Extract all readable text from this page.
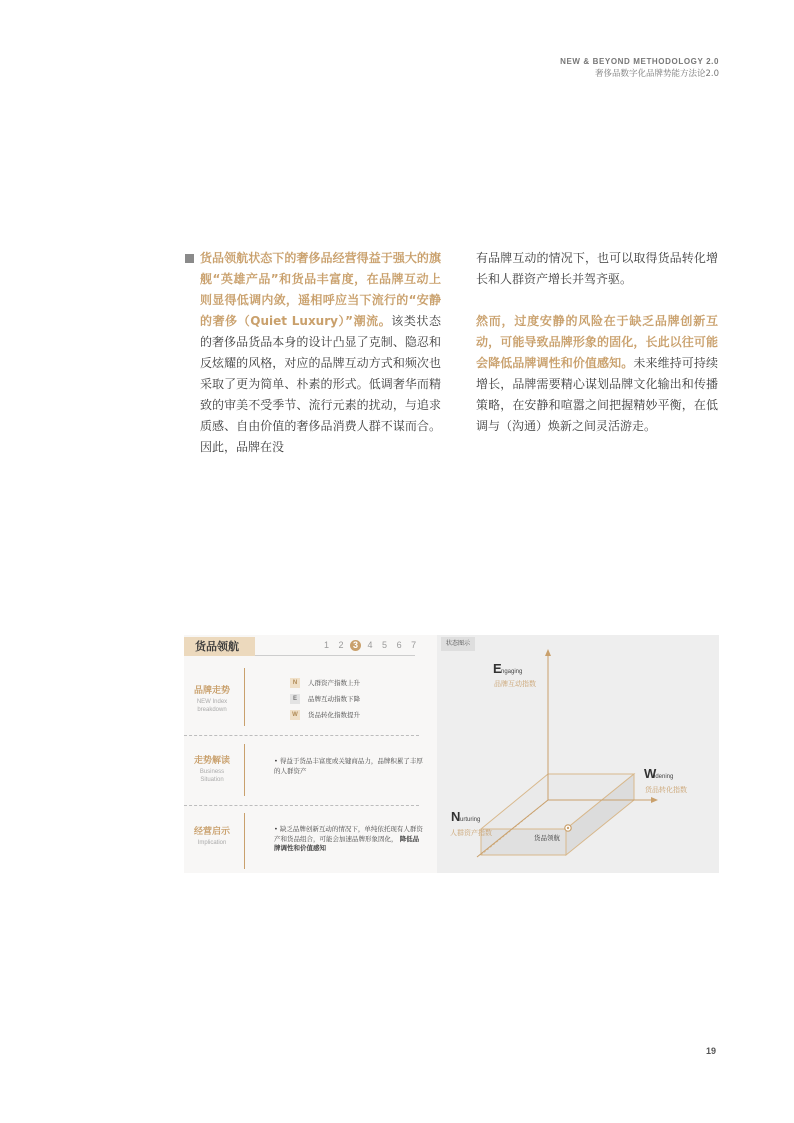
NEW & BEYOND METHODOLOGY 2.0
奢侈品数字化品牌势能方法论2.0
货品领航状态下的奢侈品经营得益于强大的旗舰“英雄产品”和货品丰富度，在品牌互动上则显得低调内敛，遥相呼应当下流行的“安静的奢侈（Quiet Luxury）”潮流。该类状态的奢侈品货品本身的设计凸显了克制、隐忍和反炫耀的风格，对应的品牌互动方式和频次也采取了更为简单、朴素的形式。低调奢华而精致的审美不受季节、流行元素的扰动，与追求质感、自由价值的奢侈品消费人群不谋而合。因此，品牌在没
有品牌互动的情况下，也可以取得货品转化增长和人群资产增长并驾齐驱。
然而，过度安静的风险在于缺乏品牌创新互动，可能导致品牌形象的固化，长此以往可能会降低品牌调性和价值感知。未来维持可持续增长，品牌需要精心谋划品牌文化输出和传播策略，在安静和喧嚣之间把握精妙平衡，在低调与（沟通）焕新之间灵活游走。
货品领航	1 2 3 4 5 6 7
品牌走势
NEW Index
breakdown
N 人群资产指数上升
E 品牌互动指数下降
W 货品转化指数提升
走势解读
Business
Situation
• 得益于货品丰富度或关键商品力，品牌积累了丰厚的人群资产
经营启示
Implication
• 缺乏品牌创新互动的情况下，单纯依托现有人群资产和货品组合，可能会加速品牌形象固化， 降低品牌调性和价值感知
状态图示
E ngaging
品牌互动指数
W
idening
货品转化指数
N urturing
人群资产指数
货品领航
19
